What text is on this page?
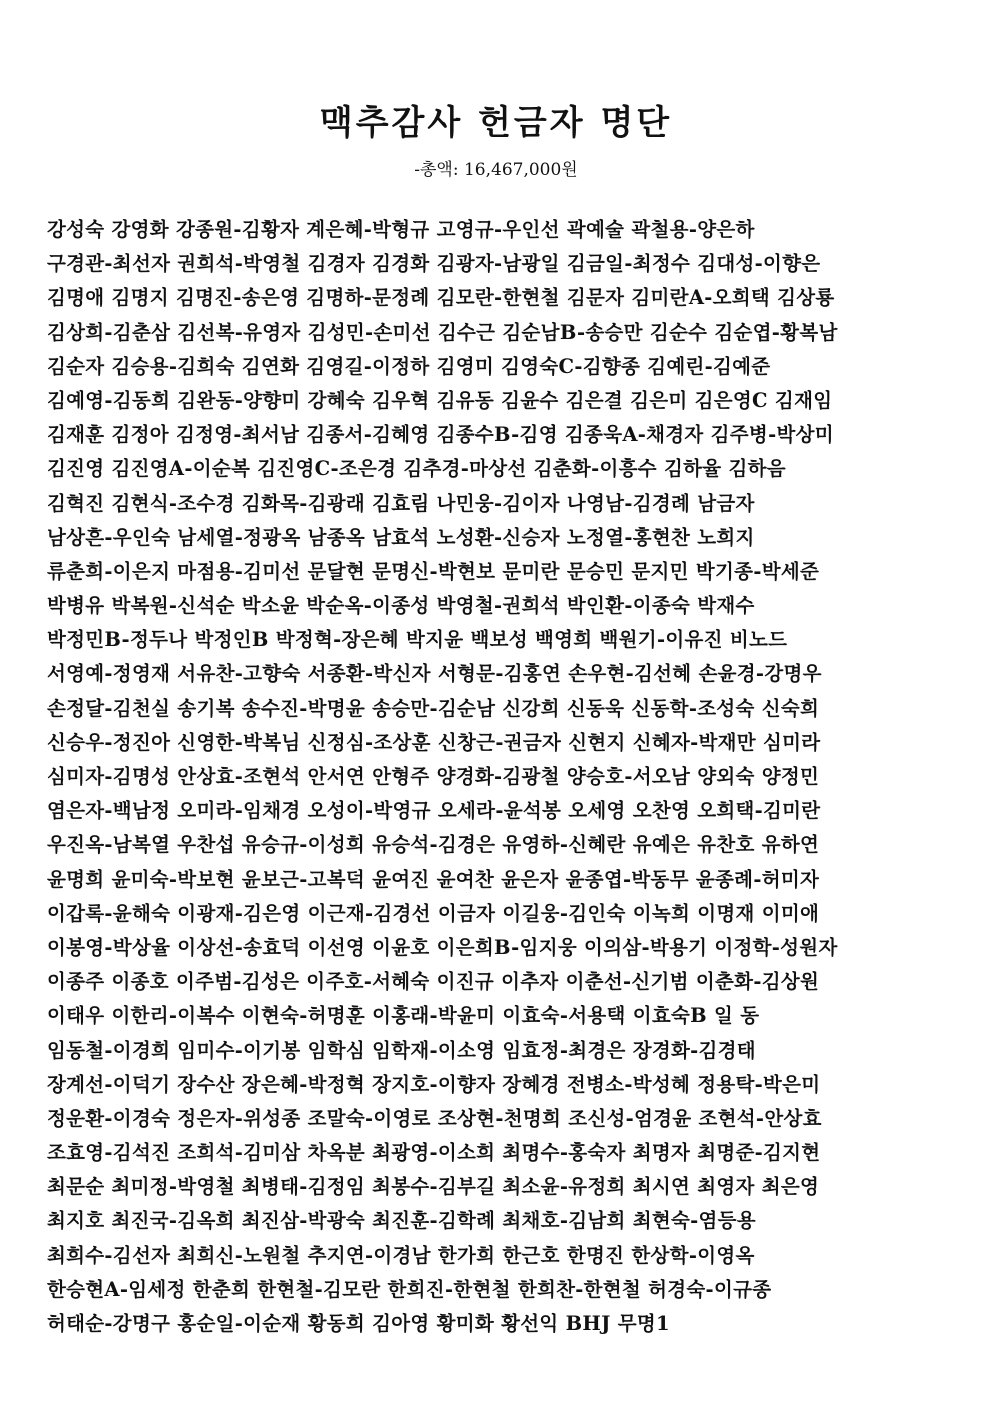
맥추감사 헌금자 명단

-총액: 16,467,000원

강성숙 강영화 강종원-김황자 계은혜-박형규 고영규-우인선 곽예술 곽철용-양은하
구경관-최선자 권희석-박영철 김경자 김경화 김광자-남광일 김금일-최정수 김대성-이향은
김명애 김명지 김명진-송은영 김명하-문정례 김모란-한현철 김문자 김미란A-오희택 김상룡
김상희-김춘삼 김선복-유영자 김성민-손미선 김수근 김순남B-송승만 김순수 김순엽-황복남
김순자 김승용-김희숙 김연화 김영길-이정하 김영미 김영숙C-김향종 김예린-김예준
김예영-김동희 김완동-양향미 강혜숙 김우혁 김유동 김윤수 김은결 김은미 김은영C 김재임
김재훈 김정아 김정영-최서남 김종서-김혜영 김종수B-김영 김종욱A-채경자 김주병-박상미
김진영 김진영A-이순복 김진영C-조은경 김추경-마상선 김춘화-이흥수 김하율 김하음
김혁진 김현식-조수경 김화목-김광래 김효림 나민웅-김이자 나영남-김경례 남금자
남상흔-우인숙 남세열-정광옥 남종옥 남효석 노성환-신승자 노정열-홍현찬 노희지
류춘희-이은지 마점용-김미선 문달현 문명신-박현보 문미란 문승민 문지민 박기종-박세준
박병유 박복원-신석순 박소윤 박순옥-이종성 박영철-권희석 박인환-이종숙 박재수
박정민B-정두나 박정인B 박정혁-장은혜 박지윤 백보성 백영희 백원기-이유진 비노드
서영예-정영재 서유찬-고향숙 서종환-박신자 서형문-김홍연 손우현-김선혜 손윤경-강명우
손정달-김천실 송기복 송수진-박명윤 송승만-김순남 신강희 신동욱 신동학-조성숙 신숙희
신승우-정진아 신영한-박복님 신정심-조상훈 신창근-권금자 신현지 신혜자-박재만 심미라
심미자-김명성 안상효-조현석 안서연 안형주 양경화-김광철 양승호-서오남 양외숙 양정민
염은자-백남정 오미라-임채경 오성이-박영규 오세라-윤석봉 오세영 오찬영 오희택-김미란
우진옥-남복열 우찬섭 유승규-이성희 유승석-김경은 유영하-신혜란 유예은 유찬호 유하연
윤명희 윤미숙-박보현 윤보근-고복덕 윤여진 윤여찬 윤은자 윤종엽-박동무 윤종례-허미자
이갑록-윤해숙 이광재-김은영 이근재-김경선 이금자 이길웅-김인숙 이녹희 이명재 이미애
이봉영-박상율 이상선-송효덕 이선영 이윤호 이은희B-임지웅 이의삼-박용기 이정학-성원자
이종주 이종호 이주범-김성은 이주호-서혜숙 이진규 이추자 이춘선-신기범 이춘화-김상원
이태우 이한리-이복수 이현숙-허명훈 이홍래-박윤미 이효숙-서용택 이효숙B 일 동
임동철-이경희 임미수-이기봉 임학심 임학재-이소영 임효정-최경은 장경화-김경태
장계선-이덕기 장수산 장은혜-박정혁 장지호-이향자 장혜경 전병소-박성혜 정용탁-박은미
정운환-이경숙 정은자-위성종 조말숙-이영로 조상현-천명희 조신성-엄경윤 조현석-안상효
조효영-김석진 조희석-김미삼 차옥분 최광영-이소희 최명수-홍숙자 최명자 최명준-김지현
최문순 최미정-박영철 최병태-김정임 최봉수-김부길 최소윤-유정희 최시연 최영자 최은영
최지호 최진국-김옥희 최진삼-박광숙 최진훈-김학례 최채호-김남희 최현숙-염등용
최희수-김선자 최희신-노원철 추지연-이경남 한가희 한근호 한명진 한상학-이영옥
한승현A-임세정 한춘희 한현철-김모란 한희진-한현철 한희찬-한현철 허경숙-이규종
허태순-강명구 홍순일-이순재 황동희 김아영 황미화 황선익 BHJ 무명1
